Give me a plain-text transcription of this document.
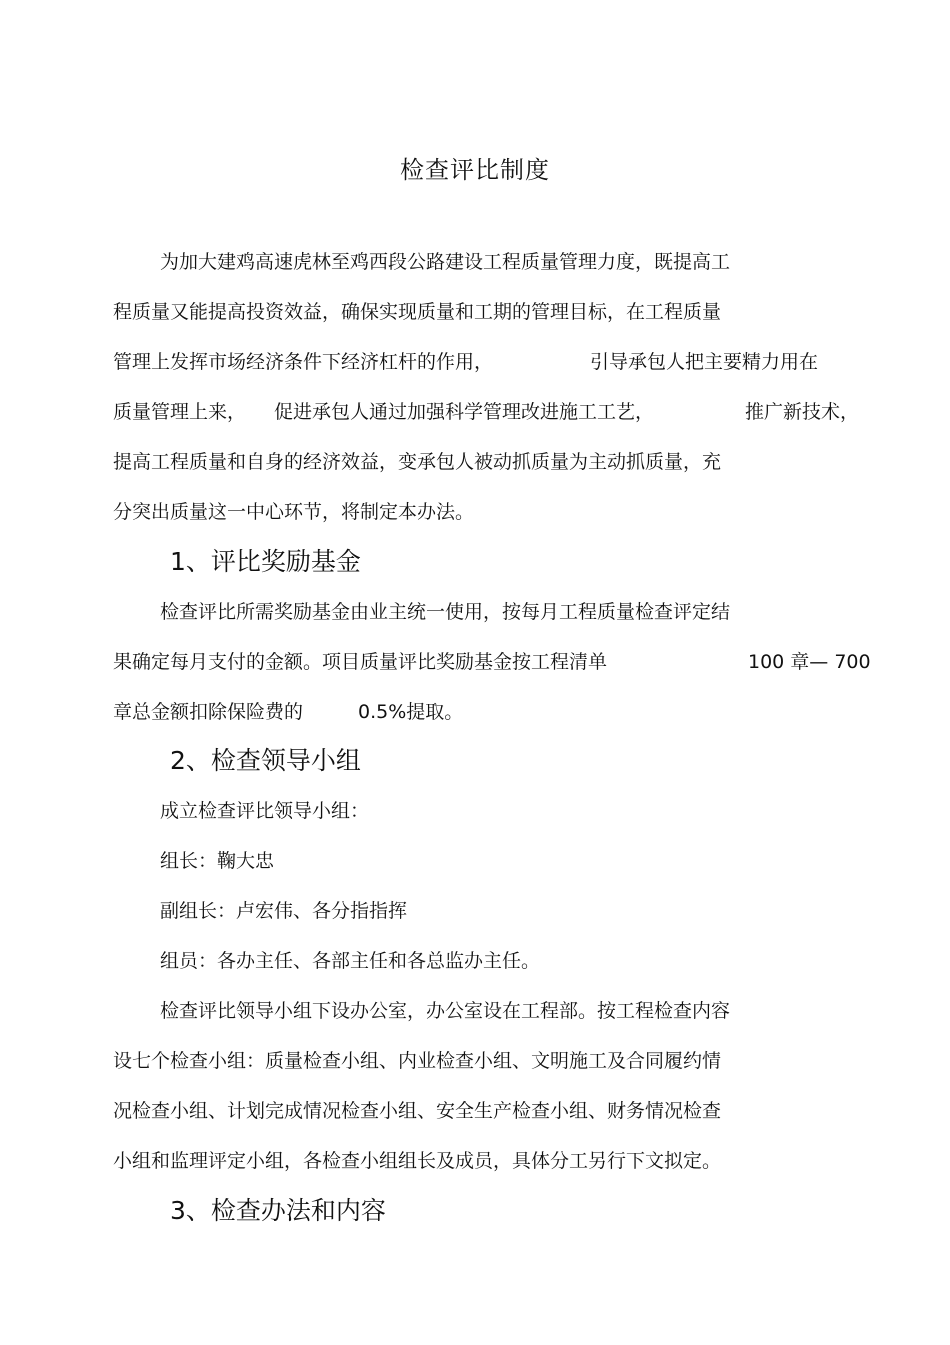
检查评比制度
为加大建鸡高速虎林至鸡西段公路建设工程质量管理力度，既提高工
程质量又能提高投资效益，确保实现质量和工期的管理目标，在工程质量
管理上发挥市场经济条件下经济杠杆的作用，	引导承包人把主要精力用在
质量管理上来， 促进承包人通过加强科学管理改进施工工艺，	推广新技术，
提高工程质量和自身的经济效益，变承包人被动抓质量为主动抓质量，充
分突出质量这一中心环节，将制定本办法。
1、评比奖励基金
检查评比所需奖励基金由业主统一使用，按每月工程质量检查评定结
果确定每月支付的金额。项目质量评比奖励基金按工程清单	100 章— 700
章总金额扣除保险费的	0.5%提取。
2、检查领导小组
成立检查评比领导小组：
组长：鞠大忠
副组长：卢宏伟、各分指指挥
组员：各办主任、各部主任和各总监办主任。
检查评比领导小组下设办公室，办公室设在工程部。按工程检查内容
设七个检查小组：质量检查小组、内业检查小组、文明施工及合同履约情
况检查小组、计划完成情况检查小组、安全生产检查小组、财务情况检查
小组和监理评定小组，各检查小组组长及成员，具体分工另行下文拟定。
3、检查办法和内容
